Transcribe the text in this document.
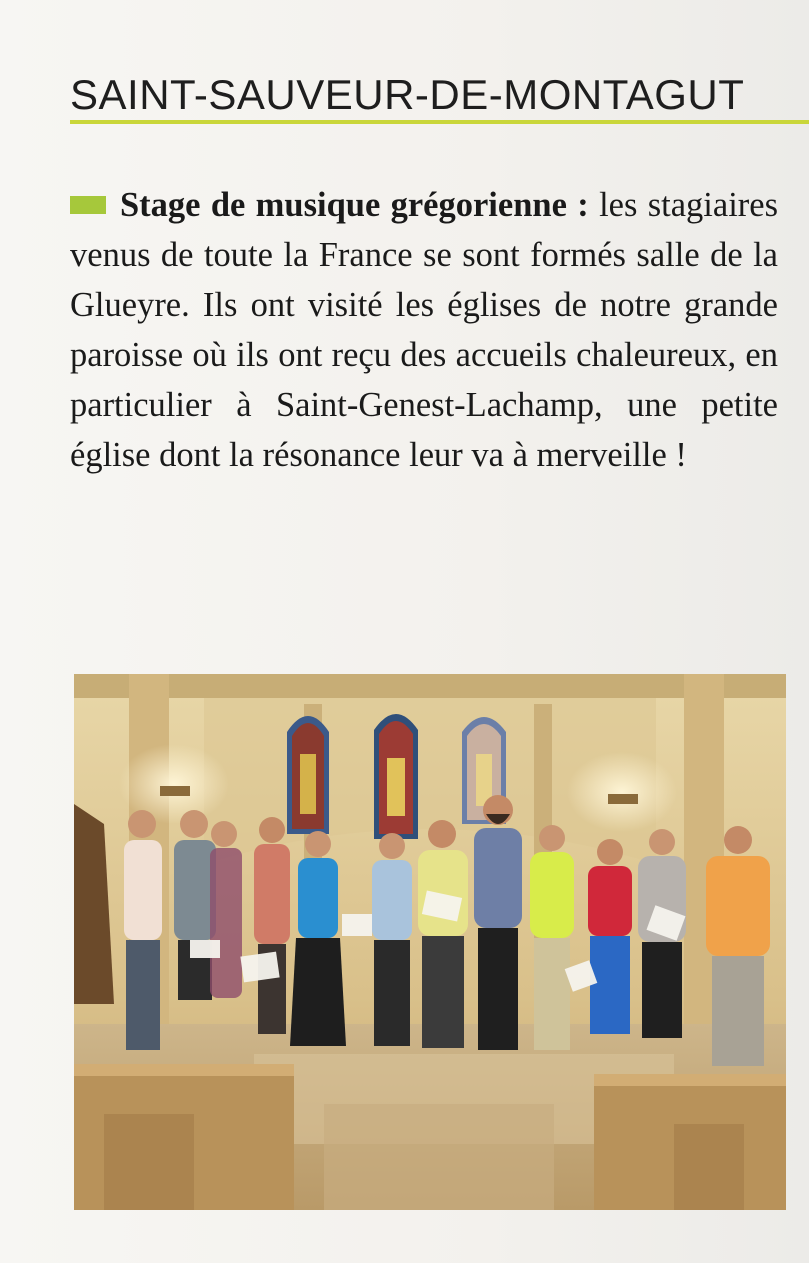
SAINT-SAUVEUR-DE-MONTAGUT

Stage de musique grégorienne : les stagiaires venus de toute la France se sont formés salle de la Glueyre. Ils ont visité les églises de notre grande paroisse où ils ont reçu des accueils chaleureux, en particulier à Saint-Genest-Lachamp, une petite église dont la résonance leur va à merveille !
